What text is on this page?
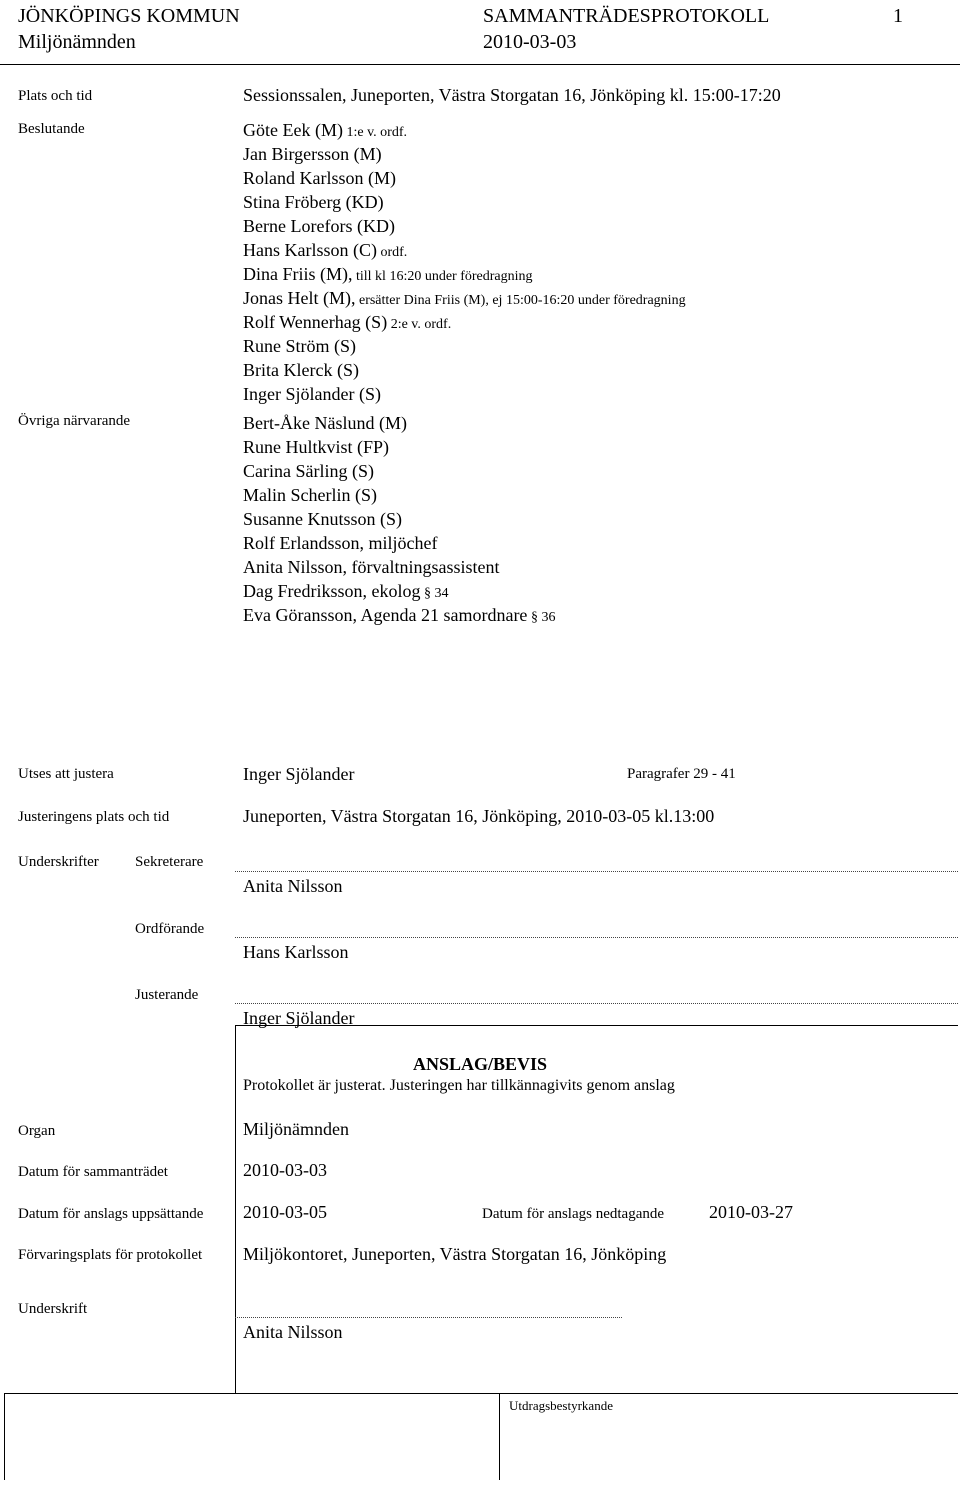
JÖNKÖPINGS KOMMUN	SAMMANTRÄDESPROTOKOLL	1
Miljönämnden	2010-03-03
Plats och tid	Sessionssalen, Juneporten, Västra Storgatan 16, Jönköping kl. 15:00-17:20
Beslutande	Göte Eek (M) 1:e v. ordf.
Jan Birgersson (M)
Roland Karlsson (M)
Stina Fröberg (KD)
Berne Lorefors (KD)
Hans Karlsson (C) ordf.
Dina Friis (M), till kl 16:20 under föredragning
Jonas Helt (M), ersätter Dina Friis (M), ej 15:00-16:20 under föredragning
Rolf Wennerhag (S) 2:e v. ordf.
Rune Ström (S)
Brita Klerck (S)
Inger Sjölander (S)
Övriga närvarande	Bert-Åke Näslund (M)
Rune Hultkvist (FP)
Carina Särling (S)
Malin Scherlin (S)
Susanne Knutsson (S)
Rolf Erlandsson, miljöchef
Anita Nilsson, förvaltningsassistent
Dag Fredriksson, ekolog § 34
Eva Göransson, Agenda 21 samordnare § 36
Utses att justera	Inger Sjölander	Paragrafer 29 - 41
Justeringens plats och tid	Juneporten, Västra Storgatan 16, Jönköping, 2010-03-05 kl.13:00
Underskrifter Sekreterare
Anita Nilsson
Ordförande
Hans Karlsson
Justerande
Inger Sjölander
ANSLAG/BEVIS
Protokollet är justerat. Justeringen har tillkännagivits genom anslag
Organ	Miljönämnden
Datum för sammanträdet	2010-03-03
Datum för anslags uppsättande 2010-03-05	Datum för anslags nedtagande 2010-03-27
Förvaringsplats för protokollet Miljökontoret, Juneporten, Västra Storgatan 16, Jönköping
Underskrift
Anita Nilsson
Utdragsbestyrkande
